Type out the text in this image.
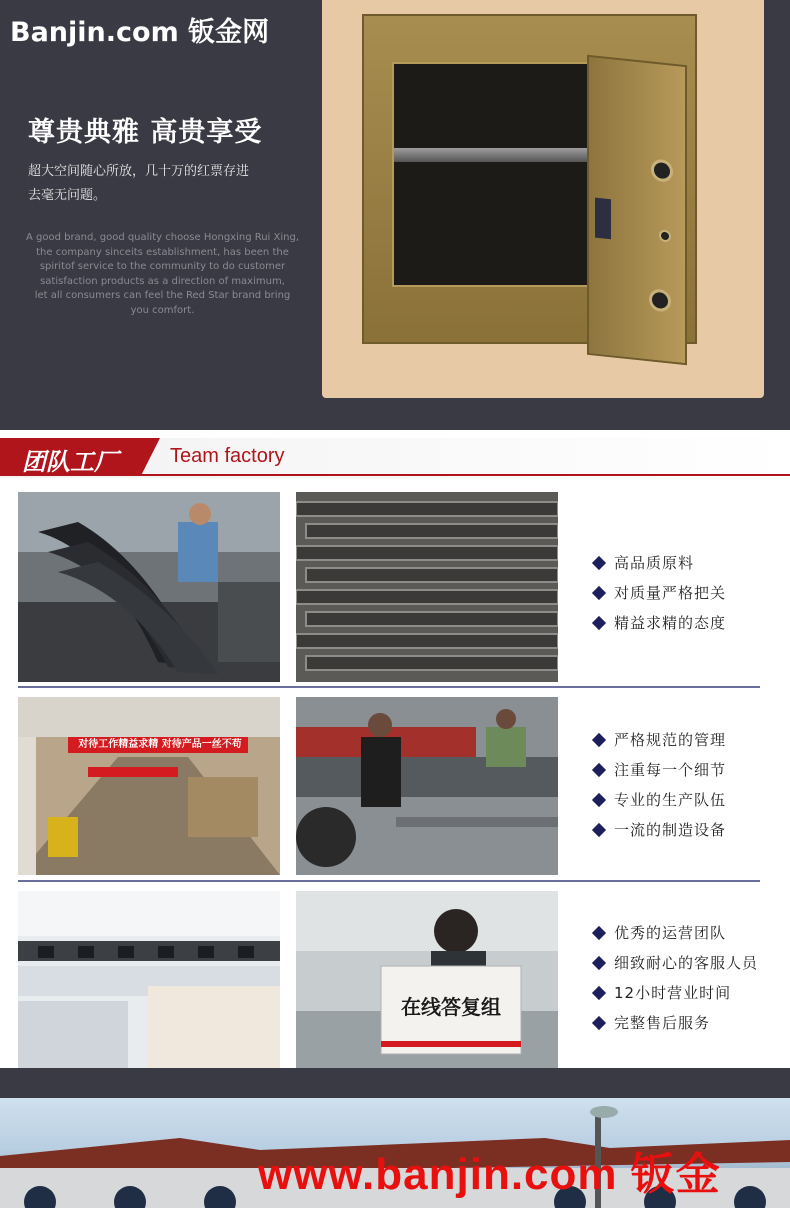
Banjin.com 钣金网
尊贵典雅 高贵享受
超大空间随心所放，几十万的红票存进
去毫无问题。
A good brand, good quality choose Hongxing Rui Xing,
the company sinceits establishment, has been the
spiritof service to the community to do customer
satisfaction products as a direction of maximum,
let all consumers can feel the Red Star brand bring
you comfort.
团队工厂	Team factory
高品质原料
对质量严格把关
精益求精的态度
对待工作精益求精 对待产品一丝不苟	严格规范的管理
注重每一个细节
专业的生产队伍
一流的制造设备
在线答复组
优秀的运营团队
细致耐心的客服人员
12小时营业时间
完整售后服务
www.banjin.com 钣金
